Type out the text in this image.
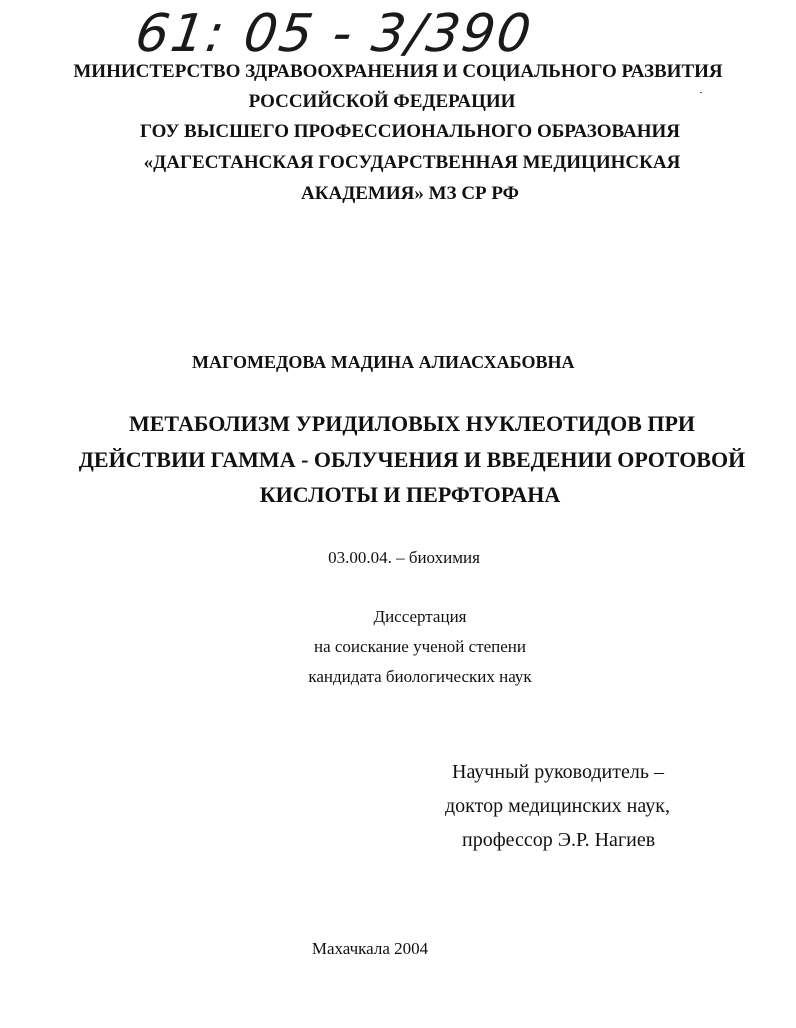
61: 05 - 3/390
МИНИСТЕРСТВО ЗДРАВООХРАНЕНИЯ И СОЦИАЛЬНОГО РАЗВИТИЯ
РОССИЙСКОЙ ФЕДЕРАЦИИ
ГОУ ВЫСШЕГО ПРОФЕССИОНАЛЬНОГО ОБРАЗОВАНИЯ
«ДАГЕСТАНСКАЯ ГОСУДАРСТВЕННАЯ МЕДИЦИНСКАЯ
АКАДЕМИЯ» МЗ СР РФ
МАГОМЕДОВА МАДИНА АЛИАСХАБОВНА
МЕТАБОЛИЗМ УРИДИЛОВЫХ НУКЛЕОТИДОВ ПРИ
ДЕЙСТВИИ ГАММА - ОБЛУЧЕНИЯ И ВВЕДЕНИИ ОРОТОВОЙ
КИСЛОТЫ И ПЕРФТОРАНА
03.00.04. – биохимия
Диссертация
на соискание ученой степени
кандидата биологических наук
Научный руководитель –
доктор медицинских наук,
профессор Э.Р. Нагиев
Махачкала 2004
